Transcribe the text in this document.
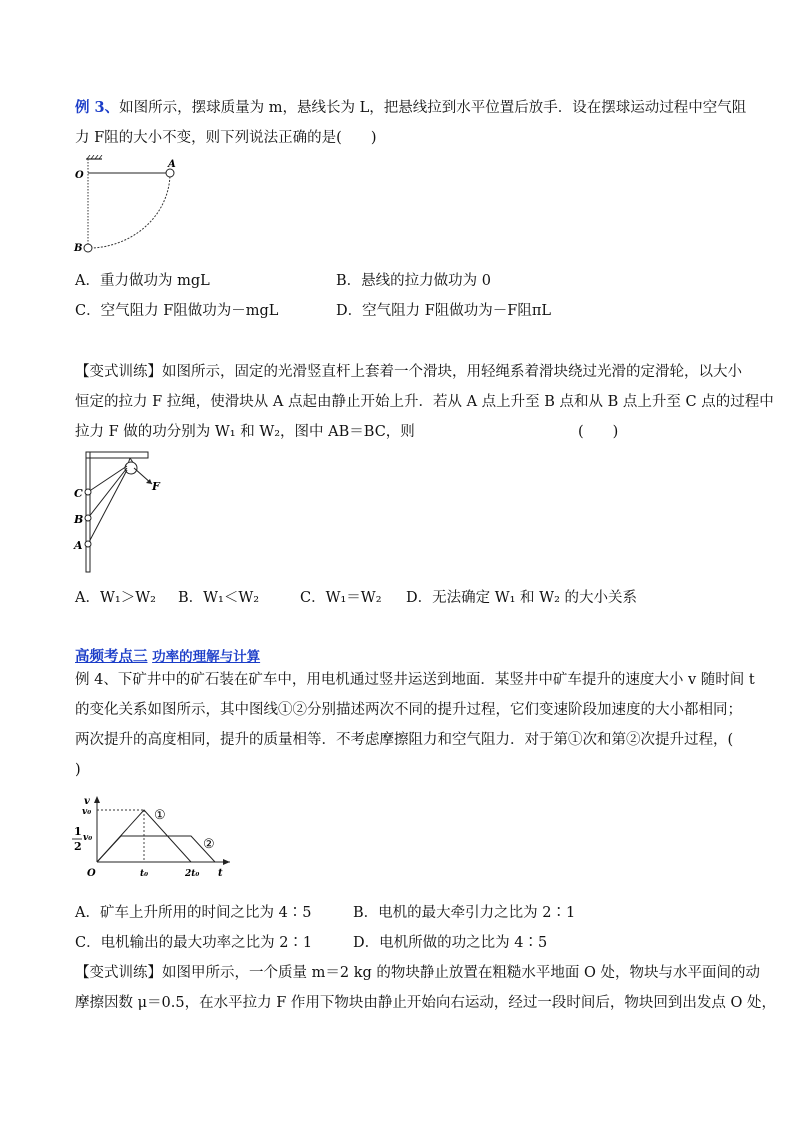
例 3、如图所示，摆球质量为 m，悬线长为 L，把悬线拉到水平位置后放手．设在摆球运动过程中空气阻
力 F阻的大小不变，则下列说法正确的是(　　)
O
A
B
A．重力做功为 mgL	B．悬线的拉力做功为 0
C．空气阻力 F阻做功为－mgL	D．空气阻力 F阻做功为－F阻πL
【变式训练】如图所示，固定的光滑竖直杆上套着一个滑块，用轻绳系着滑块绕过光滑的定滑轮，以大小
恒定的拉力 F 拉绳，使滑块从 A 点起由静止开始上升．若从 A 点上升至 B 点和从 B 点上升至 C 点的过程中
拉力 F 做的功分别为 W₁ 和 W₂，图中 AB＝BC，则	(　　)
C
B
A
F
A．W₁＞W₂ B．W₁＜W₂	C．W₁＝W₂ D．无法确定 W₁ 和 W₂ 的大小关系
高频考点三 功率的理解与计算
例 4、下矿井中的矿石装在矿车中，用电机通过竖井运送到地面．某竖井中矿车提升的速度大小 v 随时间 t
的变化关系如图所示，其中图线①②分别描述两次不同的提升过程，它们变速阶段加速度的大小都相同；
两次提升的高度相同，提升的质量相等．不考虑摩擦阻力和空气阻力．对于第①次和第②次提升过程，(
)
v
v₀
1
2
v₀
O	t₀	2t₀ t
①
②
A．矿车上升所用的时间之比为 4∶5	B．电机的最大牵引力之比为 2∶1
C．电机输出的最大功率之比为 2∶1	D．电机所做的功之比为 4∶5
【变式训练】如图甲所示，一个质量 m＝2 kg 的物块静止放置在粗糙水平地面 O 处，物块与水平面间的动
摩擦因数 μ＝0.5，在水平拉力 F 作用下物块由静止开始向右运动，经过一段时间后，物块回到出发点 O 处，
